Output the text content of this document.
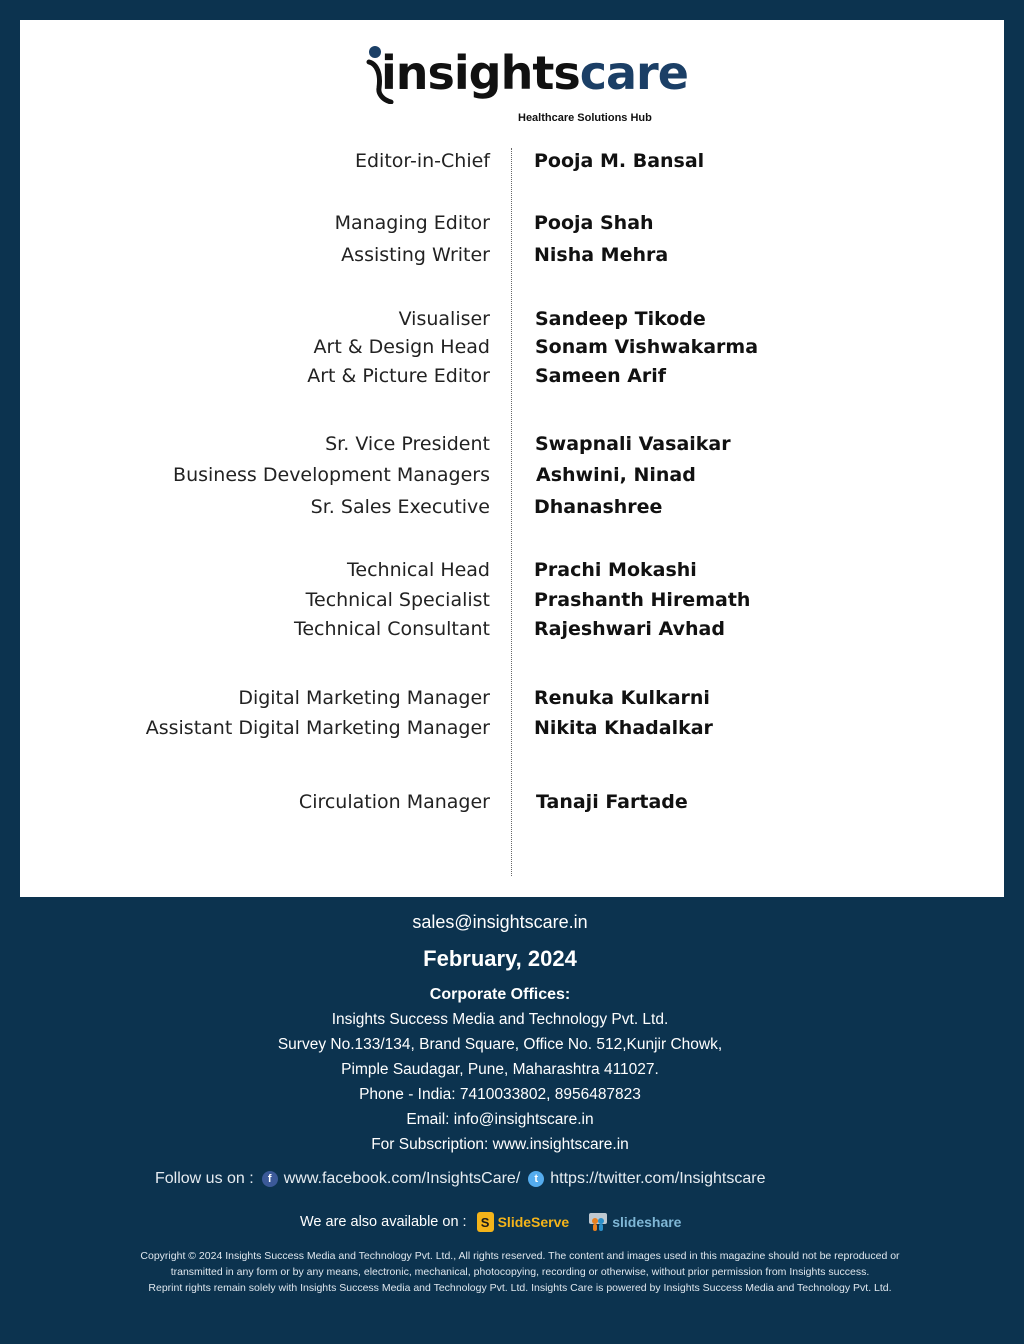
insightscare
Healthcare Solutions Hub
Editor-in-Chief Pooja M. Bansal
Managing Editor Pooja Shah
Assisting Writer Nisha Mehra
Visualiser Sandeep Tikode
Art & Design Head Sonam Vishwakarma
Art & Picture Editor Sameen Arif
Sr. Vice President Swapnali Vasaikar
Business Development Managers Ashwini, Ninad
Sr. Sales Executive Dhanashree
Technical Head Prachi Mokashi
Technical Specialist Prashanth Hiremath
Technical Consultant Rajeshwari Avhad
Digital Marketing Manager Renuka Kulkarni
Assistant Digital Marketing Manager Nikita Khadalkar
Circulation Manager Tanaji Fartade
sales@insightscare.in
February, 2024
Corporate Offices:
Insights Success Media and Technology Pvt. Ltd.
Survey No.133/134, Brand Square, Office No. 512,Kunjir Chowk,
Pimple Saudagar, Pune, Maharashtra 411027.
Phone - India: 7410033802, 8956487823
Email: info@insightscare.in
For Subscription: www.insightscare.in
Follow us on :	f www.facebook.com/InsightsCare/	t https://twitter.com/Insightscare
We are also available on :	S SlideServe	slideshare
Copyright © 2024 Insights Success Media and Technology Pvt. Ltd., All rights reserved. The content and images used in this magazine should not be reproduced or
transmitted in any form or by any means, electronic, mechanical, photocopying, recording or otherwise, without prior permission from Insights success.
Reprint rights remain solely with Insights Success Media and Technology Pvt. Ltd. Insights Care is powered by Insights Success Media and Technology Pvt. Ltd.
